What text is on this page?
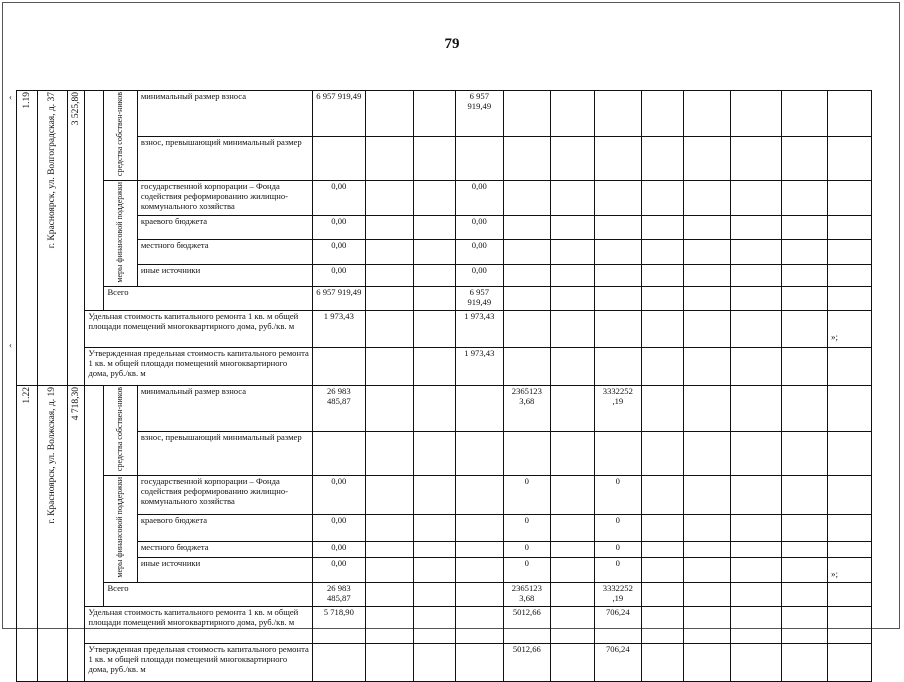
79
‹
‹
»;
»;
1.19	г. Красноярск, ул. Волгоградская, д. 37	3 525,80		средства собствен-ников	минимальный размер взноса	6 957 919,49			6 957 919,49								
					взнос, превышающий минимальный размер												
				меры финансовой поддержки	государственной корпорации – Фонда содействия реформированию жилищно-коммунального хозяйства	0,00			0,00								
					краевого бюджета	0,00			0,00								
					местного бюджета	0,00			0,00								
					иные источники	0,00			0,00								
				Всего		6 957 919,49			6 957 919,49								
			Удельная стоимость капитального ремонта 1 кв. м общей площади помещений многоквартирного дома, руб./кв. м			1 973,43			1 973,43								
			Утвержденная предельная стоимость капитального ремонта 1 кв. м общей площади помещений многоквартирного дома, руб./кв. м						1 973,43								
1.22	г. Красноярск, ул. Волжская, д. 19	4 718,30		средства собствен-ников	минимальный размер взноса	26 983 485,87				2365123 3,68		3332252 ,19					
					взнос, превышающий минимальный размер												
				меры финансовой поддержки	государственной корпорации – Фонда содействия реформированию жилищно-коммунального хозяйства	0,00				0		0					
					краевого бюджета	0,00				0		0					
					местного бюджета	0,00				0		0					
					иные источники	0,00				0		0					
				Всего		26 983 485,87				2365123 3,68		3332252 ,19					
			Удельная стоимость капитального ремонта 1 кв. м общей площади помещений многоквартирного дома, руб./кв. м			5 718,90				5012,66		706,24					
			Утвержденная предельная стоимость капитального ремонта 1 кв. м общей площади помещений многоквартирного дома, руб./кв. м							5012,66		706,24					
